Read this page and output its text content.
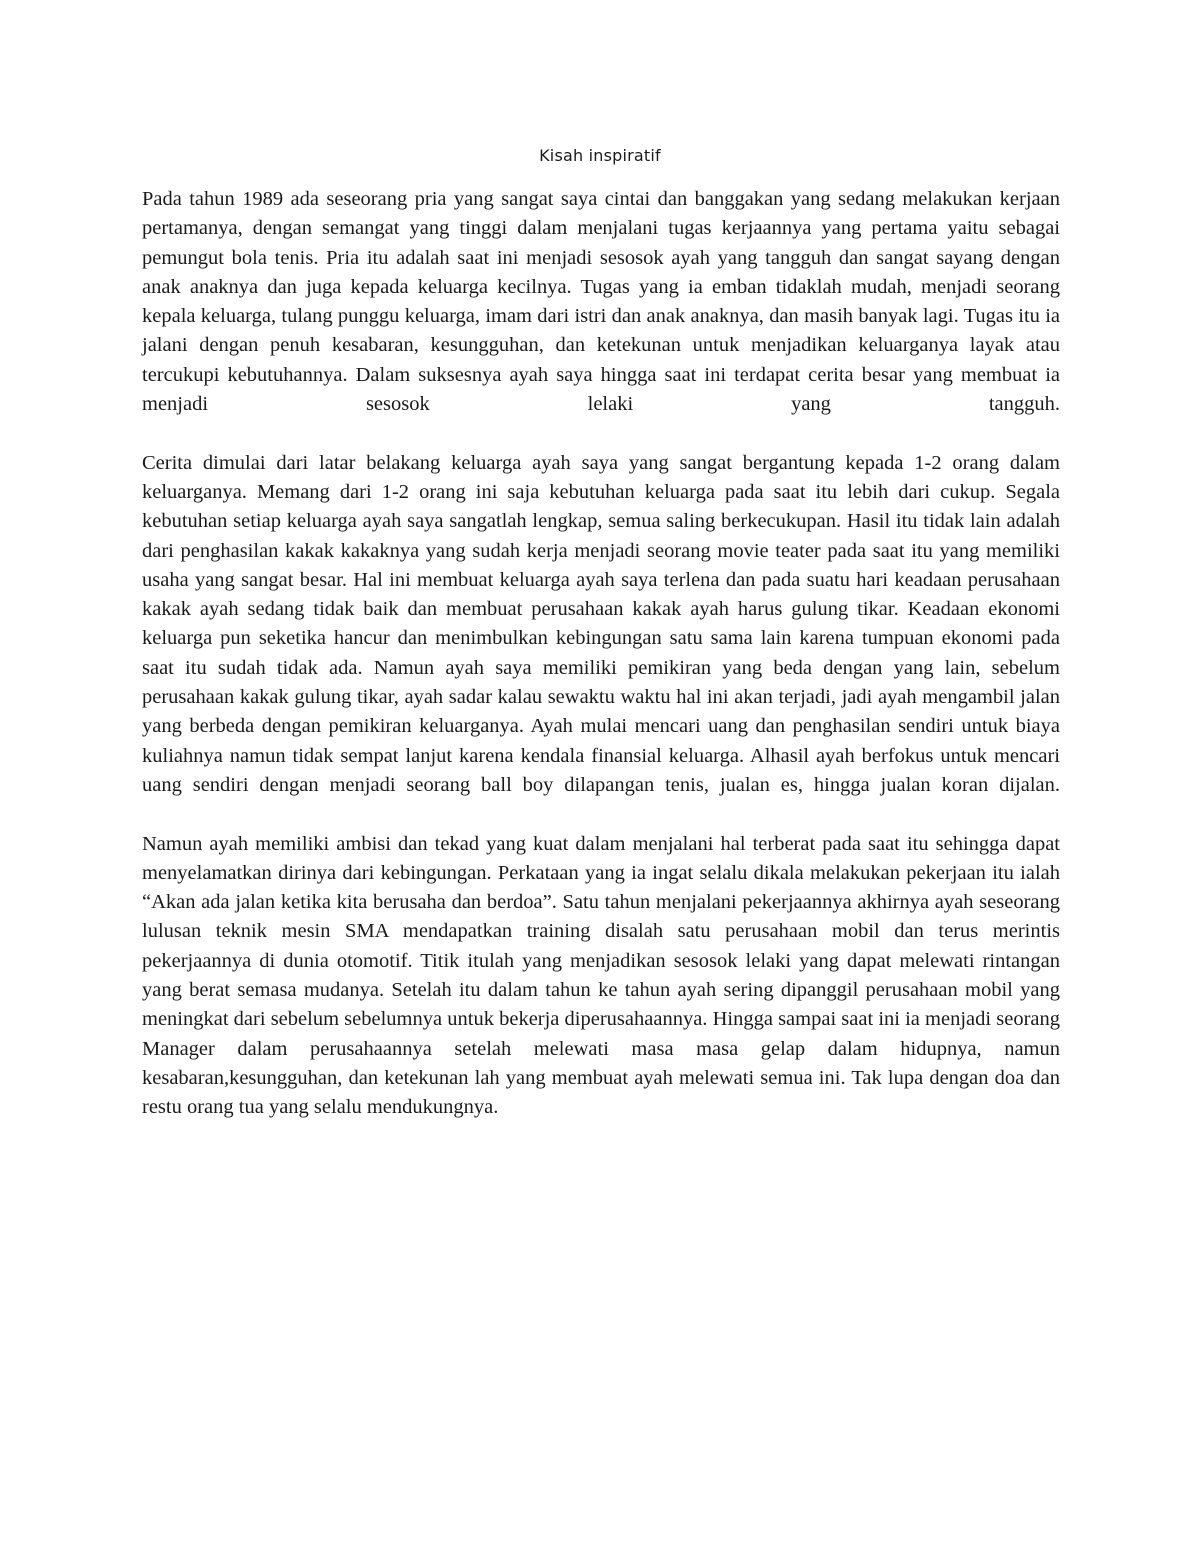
Kisah inspiratif

Pada tahun 1989 ada seseorang pria yang sangat saya cintai dan banggakan yang sedang melakukan kerjaan pertamanya, dengan semangat yang tinggi dalam menjalani tugas kerjaannya yang pertama yaitu sebagai pemungut bola tenis. Pria itu adalah saat ini menjadi sesosok ayah yang tangguh dan sangat sayang dengan anak anaknya dan juga kepada keluarga kecilnya. Tugas yang ia emban tidaklah mudah, menjadi seorang kepala keluarga, tulang punggu keluarga, imam dari istri dan anak anaknya, dan masih banyak lagi. Tugas itu ia jalani dengan penuh kesabaran, kesungguhan, dan ketekunan untuk menjadikan keluarganya layak atau tercukupi kebutuhannya. Dalam suksesnya ayah saya hingga saat ini terdapat cerita besar yang membuat ia menjadi sesosok lelaki yang tangguh.

Cerita dimulai dari latar belakang keluarga ayah saya yang sangat bergantung kepada 1-2 orang dalam keluarganya. Memang dari 1-2 orang ini saja kebutuhan keluarga pada saat itu lebih dari cukup. Segala kebutuhan setiap keluarga ayah saya sangatlah lengkap, semua saling berkecukupan. Hasil itu tidak lain adalah dari penghasilan kakak kakaknya yang sudah kerja menjadi seorang movie teater pada saat itu yang memiliki usaha yang sangat besar. Hal ini membuat keluarga ayah saya terlena dan pada suatu hari keadaan perusahaan kakak ayah sedang tidak baik dan membuat perusahaan kakak ayah harus gulung tikar. Keadaan ekonomi keluarga pun seketika hancur dan menimbulkan kebingungan satu sama lain karena tumpuan ekonomi pada saat itu sudah tidak ada. Namun ayah saya memiliki pemikiran yang beda dengan yang lain, sebelum perusahaan kakak gulung tikar, ayah sadar kalau sewaktu waktu hal ini akan terjadi, jadi ayah mengambil jalan yang berbeda dengan pemikiran keluarganya. Ayah mulai mencari uang dan penghasilan sendiri untuk biaya kuliahnya namun tidak sempat lanjut karena kendala finansial keluarga. Alhasil ayah berfokus untuk mencari uang sendiri dengan menjadi seorang ball boy dilapangan tenis, jualan es, hingga jualan koran dijalan.

Namun ayah memiliki ambisi dan tekad yang kuat dalam menjalani hal terberat pada saat itu sehingga dapat menyelamatkan dirinya dari kebingungan. Perkataan yang ia ingat selalu dikala melakukan pekerjaan itu ialah “Akan ada jalan ketika kita berusaha dan berdoa”. Satu tahun menjalani pekerjaannya akhirnya ayah seseorang lulusan teknik mesin SMA mendapatkan training disalah satu perusahaan mobil dan terus merintis pekerjaannya di dunia otomotif. Titik itulah yang menjadikan sesosok lelaki yang dapat melewati rintangan yang berat semasa mudanya. Setelah itu dalam tahun ke tahun ayah sering dipanggil perusahaan mobil yang meningkat dari sebelum sebelumnya untuk bekerja diperusahaannya. Hingga sampai saat ini ia menjadi seorang Manager dalam perusahaannya setelah melewati masa masa gelap dalam hidupnya, namun kesabaran,kesungguhan, dan ketekunan lah yang membuat ayah melewati semua ini. Tak lupa dengan doa dan restu orang tua yang selalu mendukungnya.
